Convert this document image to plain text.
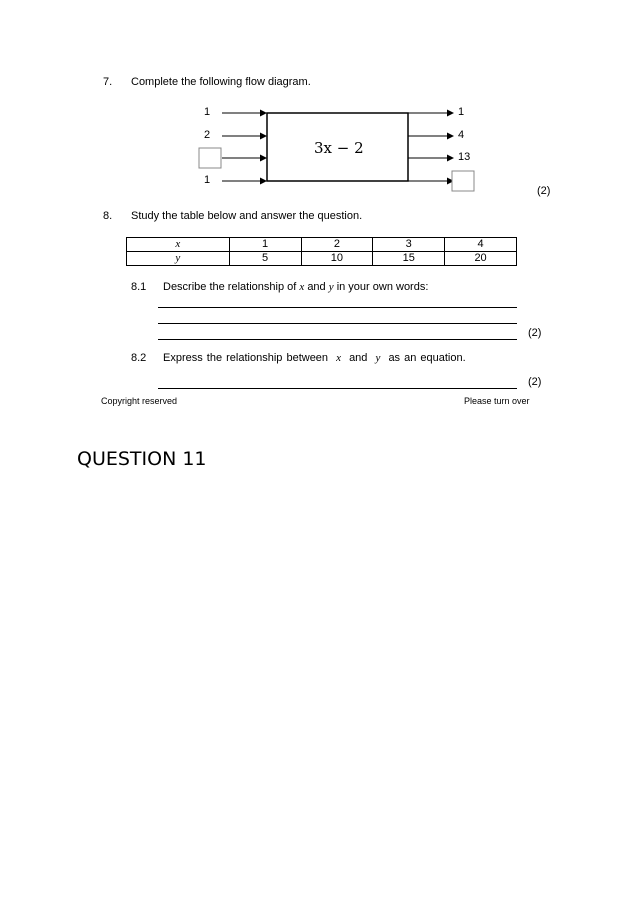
7. Complete the following flow diagram.
1
2
1
3x − 2
1
4
13
(2)
8. Study the table below and answer the question.
x	1	2	3	4
y	5	10	15	20
8.1 Describe the relationship of x and y in your own words:
(2)
8.2 Express the relationship between x and y as an equation.
(2)
Copyright reserved	Please turn over
QUESTION 11
